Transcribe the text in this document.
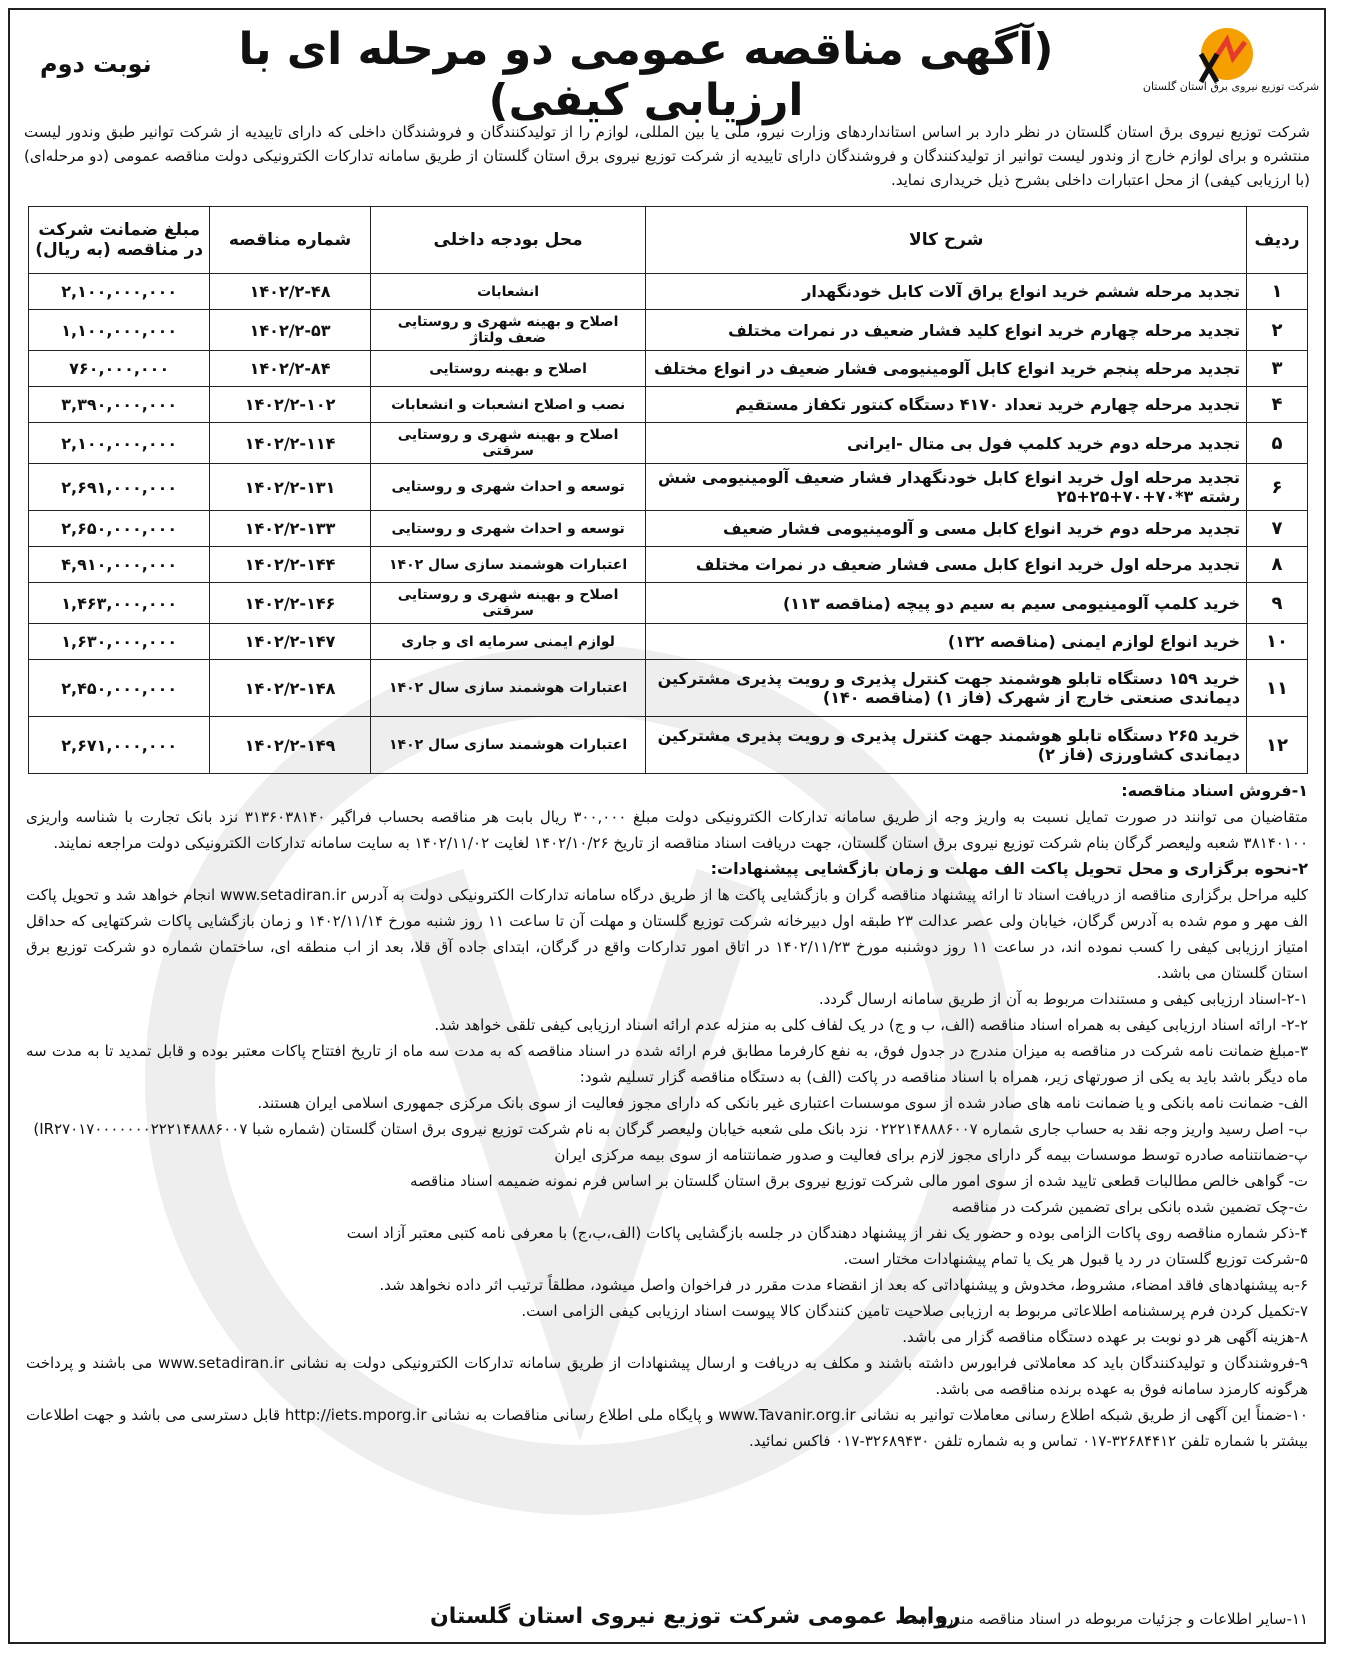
شرکت توزیع نیروی برق استان گلستان
(آگهی مناقصه عمومی دو مرحله ای با ارزیابی کیفی)
نوبت دوم
شرکت توزیع نیروی برق استان گلستان در نظر دارد بر اساس استانداردهای وزارت نیرو، ملی یا بین المللی، لوازم را از تولیدکنندگان و فروشندگان داخلی که دارای تاییدیه از شرکت توانیر طبق وندور لیست منتشره و برای لوازم خارج از وندور لیست توانیر از تولیدکنندگان و فروشندگان دارای تاییدیه از شرکت توزیع نیروی برق استان گلستان از طریق سامانه تدارکات الکترونیکی دولت مناقصه عمومی (دو مرحله‌ای) (با ارزیابی کیفی) از محل اعتبارات داخلی بشرح ذیل خریداری نماید.
ردیف	شرح کالا	محل بودجه داخلی	شماره مناقصه	مبلغ ضمانت شرکت در مناقصه (به ریال)
۱	تجدید مرحله ششم خرید انواع یراق آلات کابل خودنگهدار	انشعابات	۱۴۰۲/۲-۴۸	۲,۱۰۰,۰۰۰,۰۰۰
۲	تجدید مرحله چهارم خرید انواع کلید فشار ضعیف در نمرات مختلف	اصلاح و بهینه شهری و روستایی ضعف ولتاژ	۱۴۰۲/۲-۵۳	۱,۱۰۰,۰۰۰,۰۰۰
۳	تجدید مرحله پنجم خرید انواع کابل آلومینیومی فشار ضعیف در انواع مختلف	اصلاح و بهینه روستایی	۱۴۰۲/۲-۸۴	۷۶۰,۰۰۰,۰۰۰
۴	تجدید مرحله چهارم خرید تعداد ۴۱۷۰ دستگاه کنتور تکفاز مستقیم	نصب و اصلاح انشعبات و انشعابات	۱۴۰۲/۲-۱۰۲	۳,۳۹۰,۰۰۰,۰۰۰
۵	تجدید مرحله دوم خرید کلمپ فول بی متال -ایرانی	اصلاح و بهینه شهری و روستایی سرقتی	۱۴۰۲/۲-۱۱۴	۲,۱۰۰,۰۰۰,۰۰۰
۶	تجدید مرحله اول خرید انواع کابل خودنگهدار فشار ضعیف آلومینیومی شش رشته ۳*۷۰+۷۰+۲۵+۲۵	توسعه و احداث شهری و روستایی	۱۴۰۲/۲-۱۳۱	۲,۶۹۱,۰۰۰,۰۰۰
۷	تجدید مرحله دوم خرید انواع کابل مسی و آلومینیومی فشار ضعیف	توسعه و احداث شهری و روستایی	۱۴۰۲/۲-۱۳۳	۲,۶۵۰,۰۰۰,۰۰۰
۸	تجدید مرحله اول خرید انواع کابل مسی فشار ضعیف در نمرات مختلف	اعتبارات هوشمند سازی سال ۱۴۰۲	۱۴۰۲/۲-۱۴۴	۴,۹۱۰,۰۰۰,۰۰۰
۹	خرید کلمپ آلومینیومی سیم به سیم دو پیچه (مناقصه ۱۱۳)	اصلاح و بهینه شهری و روستایی سرقتی	۱۴۰۲/۲-۱۴۶	۱,۴۶۳,۰۰۰,۰۰۰
۱۰	خرید انواع لوازم ایمنی (مناقصه ۱۳۲)	لوازم ایمنی سرمایه ای و جاری	۱۴۰۲/۲-۱۴۷	۱,۶۳۰,۰۰۰,۰۰۰
۱۱	خرید ۱۵۹ دستگاه تابلو هوشمند جهت کنترل پذیری و رویت پذیری مشترکین دیماندی صنعتی خارج از شهرک (فاز ۱) (مناقصه ۱۴۰)	اعتبارات هوشمند سازی سال ۱۴۰۲	۱۴۰۲/۲-۱۴۸	۲,۴۵۰,۰۰۰,۰۰۰
۱۲	خرید ۲۶۵ دستگاه تابلو هوشمند جهت کنترل پذیری و رویت پذیری مشترکین دیماندی کشاورزی (فاز ۲)	اعتبارات هوشمند سازی سال ۱۴۰۲	۱۴۰۲/۲-۱۴۹	۲,۶۷۱,۰۰۰,۰۰۰

۱-فروش اسناد مناقصه:

متقاضیان می توانند در صورت تمایل نسبت به واریز وجه از طریق سامانه تدارکات الکترونیکی دولت مبلغ ۳۰۰,۰۰۰ ریال بابت هر مناقصه بحساب فراگیر ۳۱۳۶۰۳۸۱۴۰ نزد بانک تجارت با شناسه واریزی ۳۸۱۴۰۱۰۰ شعبه ولیعصر گرگان بنام شرکت توزیع نیروی برق استان گلستان، جهت دریافت اسناد مناقصه از تاریخ ۱۴۰۲/۱۰/۲۶ لغایت ۱۴۰۲/۱۱/۰۲ به سایت سامانه تدارکات الکترونیکی دولت مراجعه نمایند.

۲-نحوه برگزاری و محل تحویل پاکت الف مهلت و زمان بازگشایی پیشنهادات:

کلیه مراحل برگزاری مناقصه از دریافت اسناد تا ارائه پیشنهاد مناقصه گران و بازگشایی پاکت ها از طریق درگاه سامانه تدارکات الکترونیکی دولت به آدرس www.setadiran.ir انجام خواهد شد و تحویل پاکت الف مهر و موم شده به آدرس گرگان، خیابان ولی عصر عدالت ۲۳ طبقه اول دبیرخانه شرکت توزیع گلستان و مهلت آن تا ساعت ۱۱ روز شنبه مورخ ۱۴۰۲/۱۱/۱۴ و زمان بازگشایی پاکات شرکتهایی که حداقل امتیاز ارزیابی کیفی را کسب نموده اند، در ساعت ۱۱ روز دوشنبه مورخ ۱۴۰۲/۱۱/۲۳ در اتاق امور تدارکات واقع در گرگان، ابتدای جاده آق قلا، بعد از اب منطقه ای، ساختمان شماره دو شرکت توزیع برق استان گلستان می باشد.

۲-۱-اسناد ارزیابی کیفی و مستندات مربوط به آن از طریق سامانه ارسال گردد.

۲-۲- ارائه اسناد ارزیابی کیفی به همراه اسناد مناقصه (الف، ب و ج) در یک لفاف کلی به منزله عدم ارائه اسناد ارزیابی کیفی تلقی خواهد شد.

۳-مبلغ ضمانت نامه شرکت در مناقصه به میزان مندرج در جدول فوق، به نفع کارفرما مطابق فرم ارائه شده در اسناد مناقصه که به مدت سه ماه از تاریخ افتتاح پاکات معتبر بوده و قابل تمدید تا به مدت سه ماه دیگر باشد باید به یکی از صورتهای زیر، همراه با اسناد مناقصه در پاکت (الف) به دستگاه مناقصه گزار تسلیم شود:

الف- ضمانت نامه بانکی و یا ضمانت نامه های صادر شده از سوی موسسات اعتباری غیر بانکی که دارای مجوز فعالیت از سوی بانک مرکزی جمهوری اسلامی ایران هستند.

ب- اصل رسید واریز وجه نقد به حساب جاری شماره ۰۲۲۲۱۴۸۸۸۶۰۰۷ نزد بانک ملی شعبه خیابان ولیعصر گرگان به نام شرکت توزیع نیروی برق استان گلستان (شماره شبا IR۲۷۰۱۷۰۰۰۰۰۰۰۲۲۲۱۴۸۸۸۶۰۰۷)

پ-ضمانتنامه صادره توسط موسسات بیمه گر دارای مجوز لازم برای فعالیت و صدور ضمانتنامه از سوی بیمه مرکزی ایران

ت- گواهی خالص مطالبات قطعی تایید شده از سوی امور مالی شرکت توزیع نیروی برق استان گلستان بر اساس فرم نمونه ضمیمه اسناد مناقصه

ث-چک تضمین شده بانکی برای تضمین شرکت در مناقصه

۴-ذکر شماره مناقصه روی پاکات الزامی بوده و حضور یک نفر از پیشنهاد دهندگان در جلسه بازگشایی پاکات (الف،ب،ج) با معرفی نامه کتبی معتبر آزاد است

۵-شرکت توزیع گلستان در رد یا قبول هر یک یا تمام پیشنهادات مختار است.

۶-به پیشنهادهای فاقد امضاء، مشروط، مخدوش و پیشنهاداتی که بعد از انقضاء مدت مقرر در فراخوان واصل میشود، مطلقاً ترتیب اثر داده نخواهد شد.

۷-تکمیل کردن فرم پرسشنامه اطلاعاتی مربوط به ارزیابی صلاحیت تامین کنندگان کالا پیوست اسناد ارزیابی کیفی الزامی است.

۸-هزینه آگهی هر دو نوبت بر عهده دستگاه مناقصه گزار می باشد.

۹-فروشندگان و تولیدکنندگان باید کد معاملاتی فرابورس داشته باشند و مکلف به دریافت و ارسال پیشنهادات از طریق سامانه تدارکات الکترونیکی دولت به نشانی www.setadiran.ir می باشند و پرداخت هرگونه کارمزد سامانه فوق به عهده برنده مناقصه می باشد.

۱۰-ضمناً این آگهی از طریق شبکه اطلاع رسانی معاملات توانیر به نشانی www.Tavanir.org.ir و پایگاه ملی اطلاع رسانی مناقصات به نشانی http://iets.mporg.ir قابل دسترسی می باشد و جهت اطلاعات بیشتر با شماره تلفن ۳۲۶۸۴۴۱۲-۰۱۷ تماس و به شماره تلفن ۳۲۶۸۹۴۳۰-۰۱۷ فاکس نمائید.

۱۱-سایر اطلاعات و جزئیات مربوطه در اسناد مناقصه مندرج است.
روابط عمومی شرکت توزیع نیروی استان گلستان
